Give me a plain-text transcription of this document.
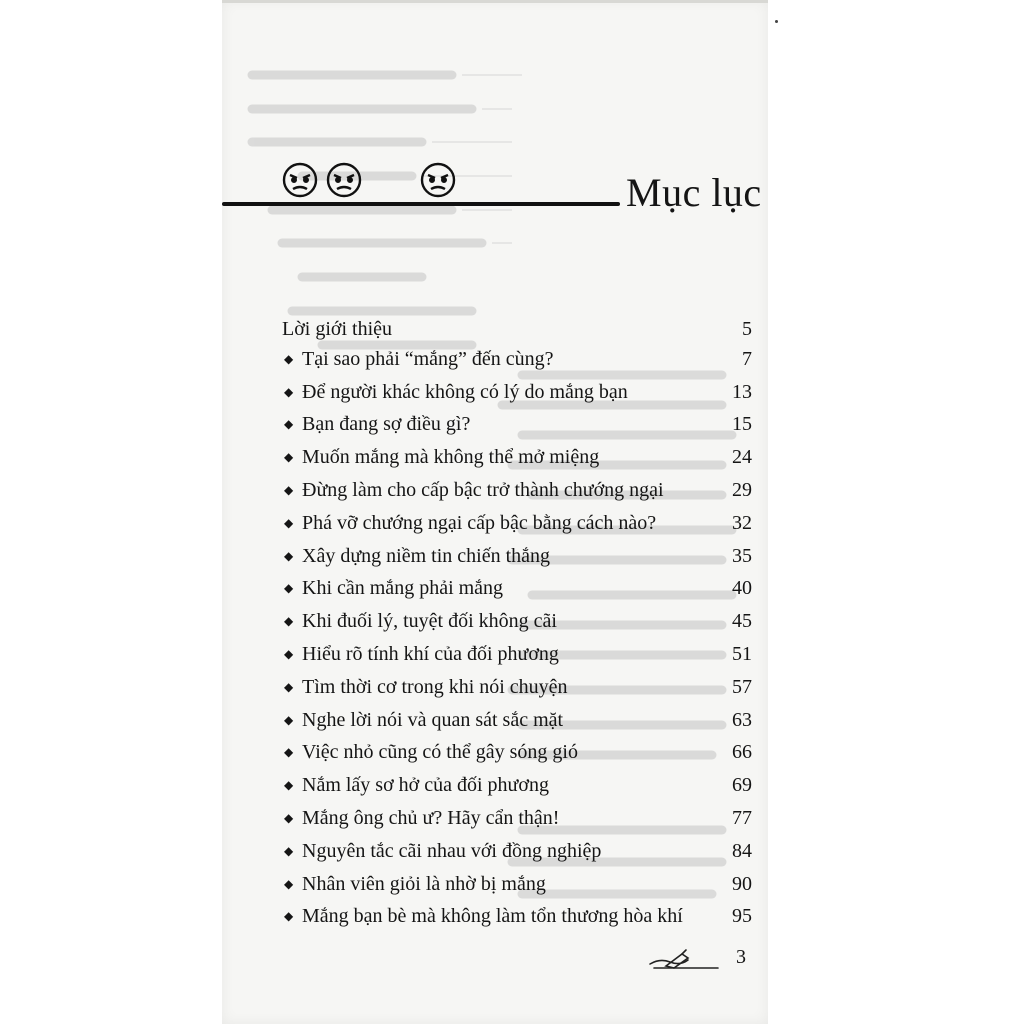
Mục lục
Lời giới thiệu	5
◆ Tại sao phải “mắng” đến cùng?	7
◆ Để người khác không có lý do mắng bạn	13
◆ Bạn đang sợ điều gì?	15
◆ Muốn mắng mà không thể mở miệng	24
◆ Đừng làm cho cấp bậc trở thành chướng ngại	29
◆ Phá vỡ chướng ngại cấp bậc bằng cách nào?	32
◆ Xây dựng niềm tin chiến thắng	35
◆ Khi cần mắng phải mắng	40
◆ Khi đuối lý, tuyệt đối không cãi	45
◆ Hiểu rõ tính khí của đối phương	51
◆ Tìm thời cơ trong khi nói chuyện	57
◆ Nghe lời nói và quan sát sắc mặt	63
◆ Việc nhỏ cũng có thể gây sóng gió	66
◆ Nắm lấy sơ hở của đối phương	69
◆ Mắng ông chủ ư? Hãy cẩn thận!	77
◆ Nguyên tắc cãi nhau với đồng nghiệp	84
◆ Nhân viên giỏi là nhờ bị mắng	90
◆ Mắng bạn bè mà không làm tổn thương hòa khí 95
3
